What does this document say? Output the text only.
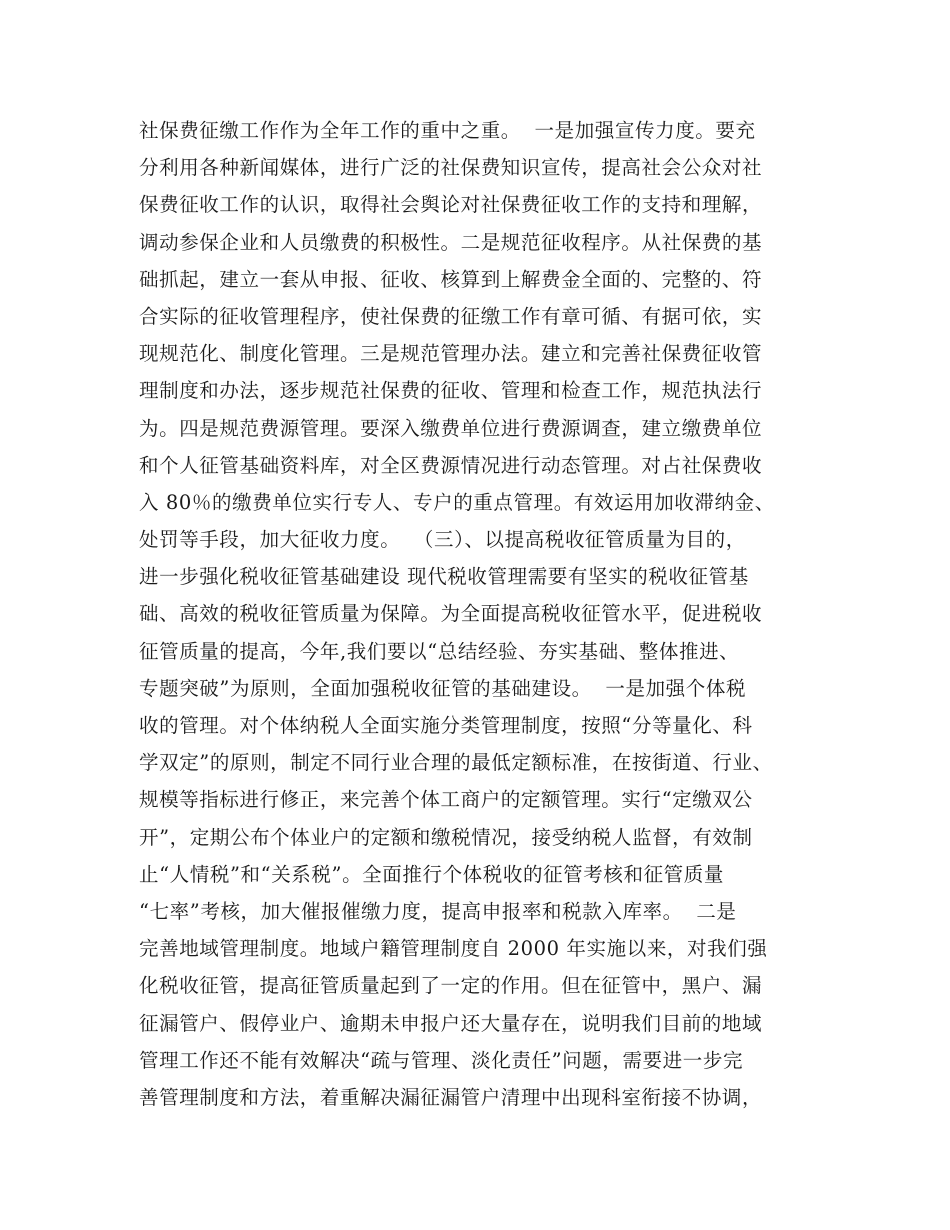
社保费征缴工作作为全年工作的重中之重。  一是加强宣传力度。要充
分利用各种新闻媒体，进行广泛的社保费知识宣传，提高社会公众对社
保费征收工作的认识，取得社会舆论对社保费征收工作的支持和理解，
调动参保企业和人员缴费的积极性。二是规范征收程序。从社保费的基
础抓起，建立一套从申报、征收、核算到上解费金全面的、完整的、符
合实际的征收管理程序，使社保费的征缴工作有章可循、有据可依，实
现规范化、制度化管理。三是规范管理办法。建立和完善社保费征收管
理制度和办法，逐步规范社保费的征收、管理和检查工作，规范执法行
为。四是规范费源管理。要深入缴费单位进行费源调查，建立缴费单位
和个人征管基础资料库，对全区费源情况进行动态管理。对占社保费收
入 80％的缴费单位实行专人、专户的重点管理。有效运用加收滞纳金、
处罚等手段，加大征收力度。  （三）、以提高税收征管质量为目的，
进一步强化税收征管基础建设 现代税收管理需要有坚实的税收征管基
础、高效的税收征管质量为保障。为全面提高税收征管水平，促进税收
征管质量的提高，今年,我们要以“总结经验、夯实基础、整体推进、
专题突破”为原则，全面加强税收征管的基础建设。  一是加强个体税
收的管理。对个体纳税人全面实施分类管理制度，按照“分等量化、科
学双定”的原则，制定不同行业合理的最低定额标准，在按街道、行业、
规模等指标进行修正，来完善个体工商户的定额管理。实行“定缴双公
开”，定期公布个体业户的定额和缴税情况，接受纳税人监督，有效制
止“人情税”和“关系税”。全面推行个体税收的征管考核和征管质量
“七率”考核，加大催报催缴力度，提高申报率和税款入库率。  二是
完善地域管理制度。地域户籍管理制度自 2000 年实施以来，对我们强
化税收征管，提高征管质量起到了一定的作用。但在征管中，黑户、漏
征漏管户、假停业户、逾期未申报户还大量存在，说明我们目前的地域
管理工作还不能有效解决“疏与管理、淡化责任”问题，需要进一步完
善管理制度和方法，着重解决漏征漏管户清理中出现科室衔接不协调，
